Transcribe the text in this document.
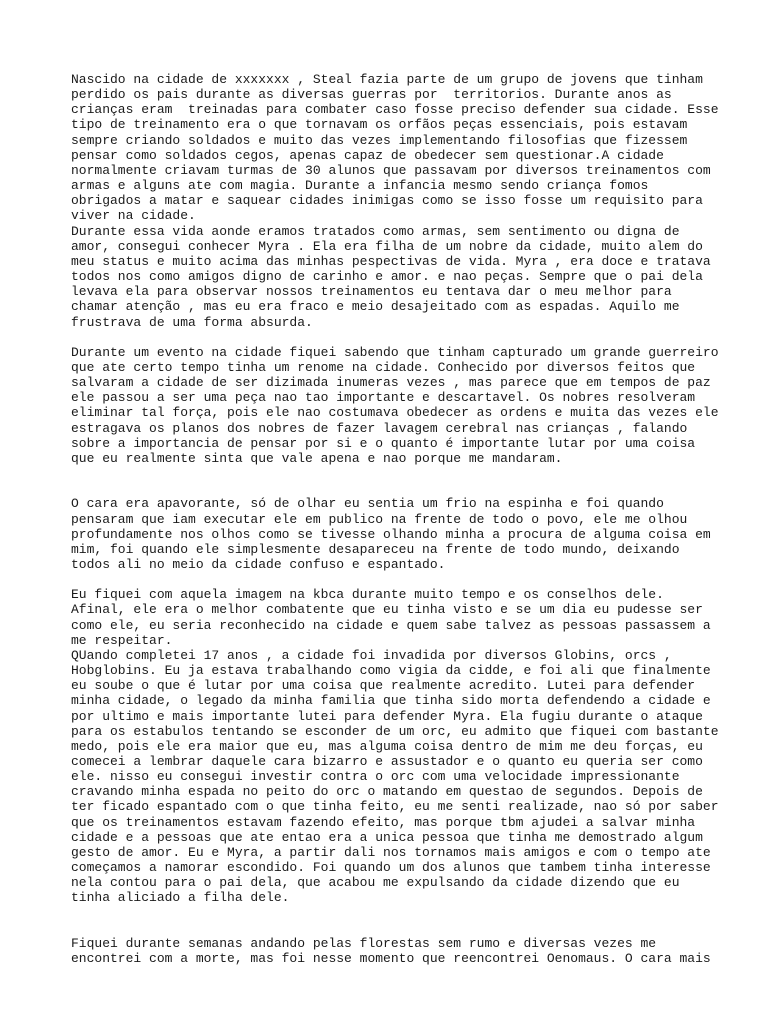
Nascido na cidade de xxxxxxx , Steal fazia parte de um grupo de jovens que tinham
perdido os pais durante as diversas guerras por  territorios. Durante anos as
crianças eram  treinadas para combater caso fosse preciso defender sua cidade. Esse
tipo de treinamento era o que tornavam os orfãos peças essenciais, pois estavam
sempre criando soldados e muito das vezes implementando filosofias que fizessem
pensar como soldados cegos, apenas capaz de obedecer sem questionar.A cidade
normalmente criavam turmas de 30 alunos que passavam por diversos treinamentos com
armas e alguns ate com magia. Durante a infancia mesmo sendo criança fomos
obrigados a matar e saquear cidades inimigas como se isso fosse um requisito para
viver na cidade.
Durante essa vida aonde eramos tratados como armas, sem sentimento ou digna de
amor, consegui conhecer Myra . Ela era filha de um nobre da cidade, muito alem do
meu status e muito acima das minhas pespectivas de vida. Myra , era doce e tratava
todos nos como amigos digno de carinho e amor. e nao peças. Sempre que o pai dela
levava ela para observar nossos treinamentos eu tentava dar o meu melhor para
chamar atenção , mas eu era fraco e meio desajeitado com as espadas. Aquilo me
frustrava de uma forma absurda.
Durante um evento na cidade fiquei sabendo que tinham capturado um grande guerreiro
que ate certo tempo tinha um renome na cidade. Conhecido por diversos feitos que
salvaram a cidade de ser dizimada inumeras vezes , mas parece que em tempos de paz
ele passou a ser uma peça nao tao importante e descartavel. Os nobres resolveram
eliminar tal força, pois ele nao costumava obedecer as ordens e muita das vezes ele
estragava os planos dos nobres de fazer lavagem cerebral nas crianças , falando
sobre a importancia de pensar por si e o quanto é importante lutar por uma coisa
que eu realmente sinta que vale apena e nao porque me mandaram.
O cara era apavorante, só de olhar eu sentia um frio na espinha e foi quando
pensaram que iam executar ele em publico na frente de todo o povo, ele me olhou
profundamente nos olhos como se tivesse olhando minha a procura de alguma coisa em
mim, foi quando ele simplesmente desapareceu na frente de todo mundo, deixando
todos ali no meio da cidade confuso e espantado.
Eu fiquei com aquela imagem na kbca durante muito tempo e os conselhos dele.
Afinal, ele era o melhor combatente que eu tinha visto e se um dia eu pudesse ser
como ele, eu seria reconhecido na cidade e quem sabe talvez as pessoas passassem a
me respeitar.
QUando completei 17 anos , a cidade foi invadida por diversos Globins, orcs ,
Hobglobins. Eu ja estava trabalhando como vigia da cidde, e foi ali que finalmente
eu soube o que é lutar por uma coisa que realmente acredito. Lutei para defender
minha cidade, o legado da minha familia que tinha sido morta defendendo a cidade e
por ultimo e mais importante lutei para defender Myra. Ela fugiu durante o ataque
para os estabulos tentando se esconder de um orc, eu admito que fiquei com bastante
medo, pois ele era maior que eu, mas alguma coisa dentro de mim me deu forças, eu
comecei a lembrar daquele cara bizarro e assustador e o quanto eu queria ser como
ele. nisso eu consegui investir contra o orc com uma velocidade impressionante
cravando minha espada no peito do orc o matando em questao de segundos. Depois de
ter ficado espantado com o que tinha feito, eu me senti realizade, nao só por saber
que os treinamentos estavam fazendo efeito, mas porque tbm ajudei a salvar minha
cidade e a pessoas que ate entao era a unica pessoa que tinha me demostrado algum
gesto de amor. Eu e Myra, a partir dali nos tornamos mais amigos e com o tempo ate
começamos a namorar escondido. Foi quando um dos alunos que tambem tinha interesse
nela contou para o pai dela, que acabou me expulsando da cidade dizendo que eu
tinha aliciado a filha dele.
Fiquei durante semanas andando pelas florestas sem rumo e diversas vezes me
encontrei com a morte, mas foi nesse momento que reencontrei Oenomaus. O cara mais
